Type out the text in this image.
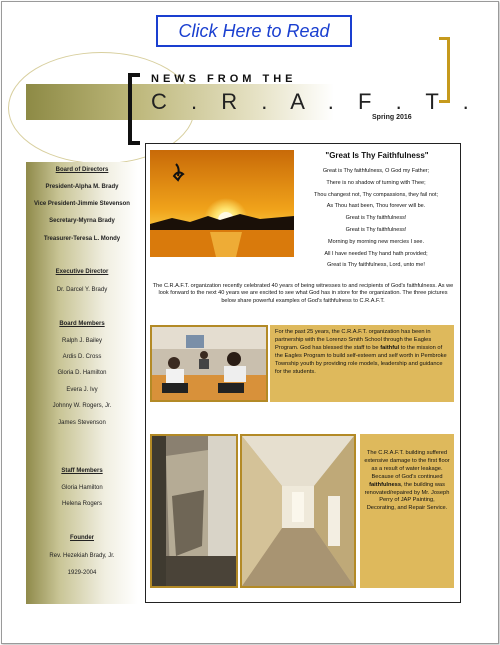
Click Here to Read
NEWS FROM THE
C . R . A . F . T .
Spring 2016
Board of Directors
President-Alpha M. Brady
Vice President-Jimmie Stevenson
Secretary-Myrna Brady
Treasurer-Teresa L. Mondy
Executive Director
Dr. Darcel Y. Brady
Board Members
Ralph J. Bailey
Ardis D. Cross
Gloria D. Hamilton
Evera J. Ivy
Johnny W. Rogers, Jr.
James Stevenson
Staff Members
Gloria Hamilton
Helena Rogers
Founder
Rev. Hezekiah Brady, Jr.
1929-2004
"Great Is Thy Faithfulness"
Great is Thy faithfulness, O God my Father;
There is no shadow of turning with Thee;
Thou changest not, Thy compassions, they fail not;
As Thou hast been, Thou forever will be.
Great is Thy faithfulness!
Great is Thy faithfulness!
Morning by morning new mercies I see.
All I have needed Thy hand hath provided;
Great is Thy faithfulness, Lord, unto me!
The C.R.A.F.T. organization recently celebrated 40 years of being witnesses to and recipients of God's faithfulness. As we look forward to the next 40 years we are excited to see what God has in store for the organization. The three pictures below share powerful examples of God's faithfulness to C.R.A.F.T.
For the past 25 years, the C.R.A.F.T. organization has been in partnership with the Lorenzo Smith School through the Eagles Program. God has blessed the staff to be faithful to the mission of the Eagles Program to build self-esteem and self worth in Pembroke Township youth by providing role models, leadership and guidance for the students.
The C.R.A.F.T. building suffered extensive damage to the first floor as a result of water leakage. Because of God's continued faithfulness, the building was renovated/repaired by Mr. Joseph Perry of JAP Painting, Decorating, and Repair Service.
